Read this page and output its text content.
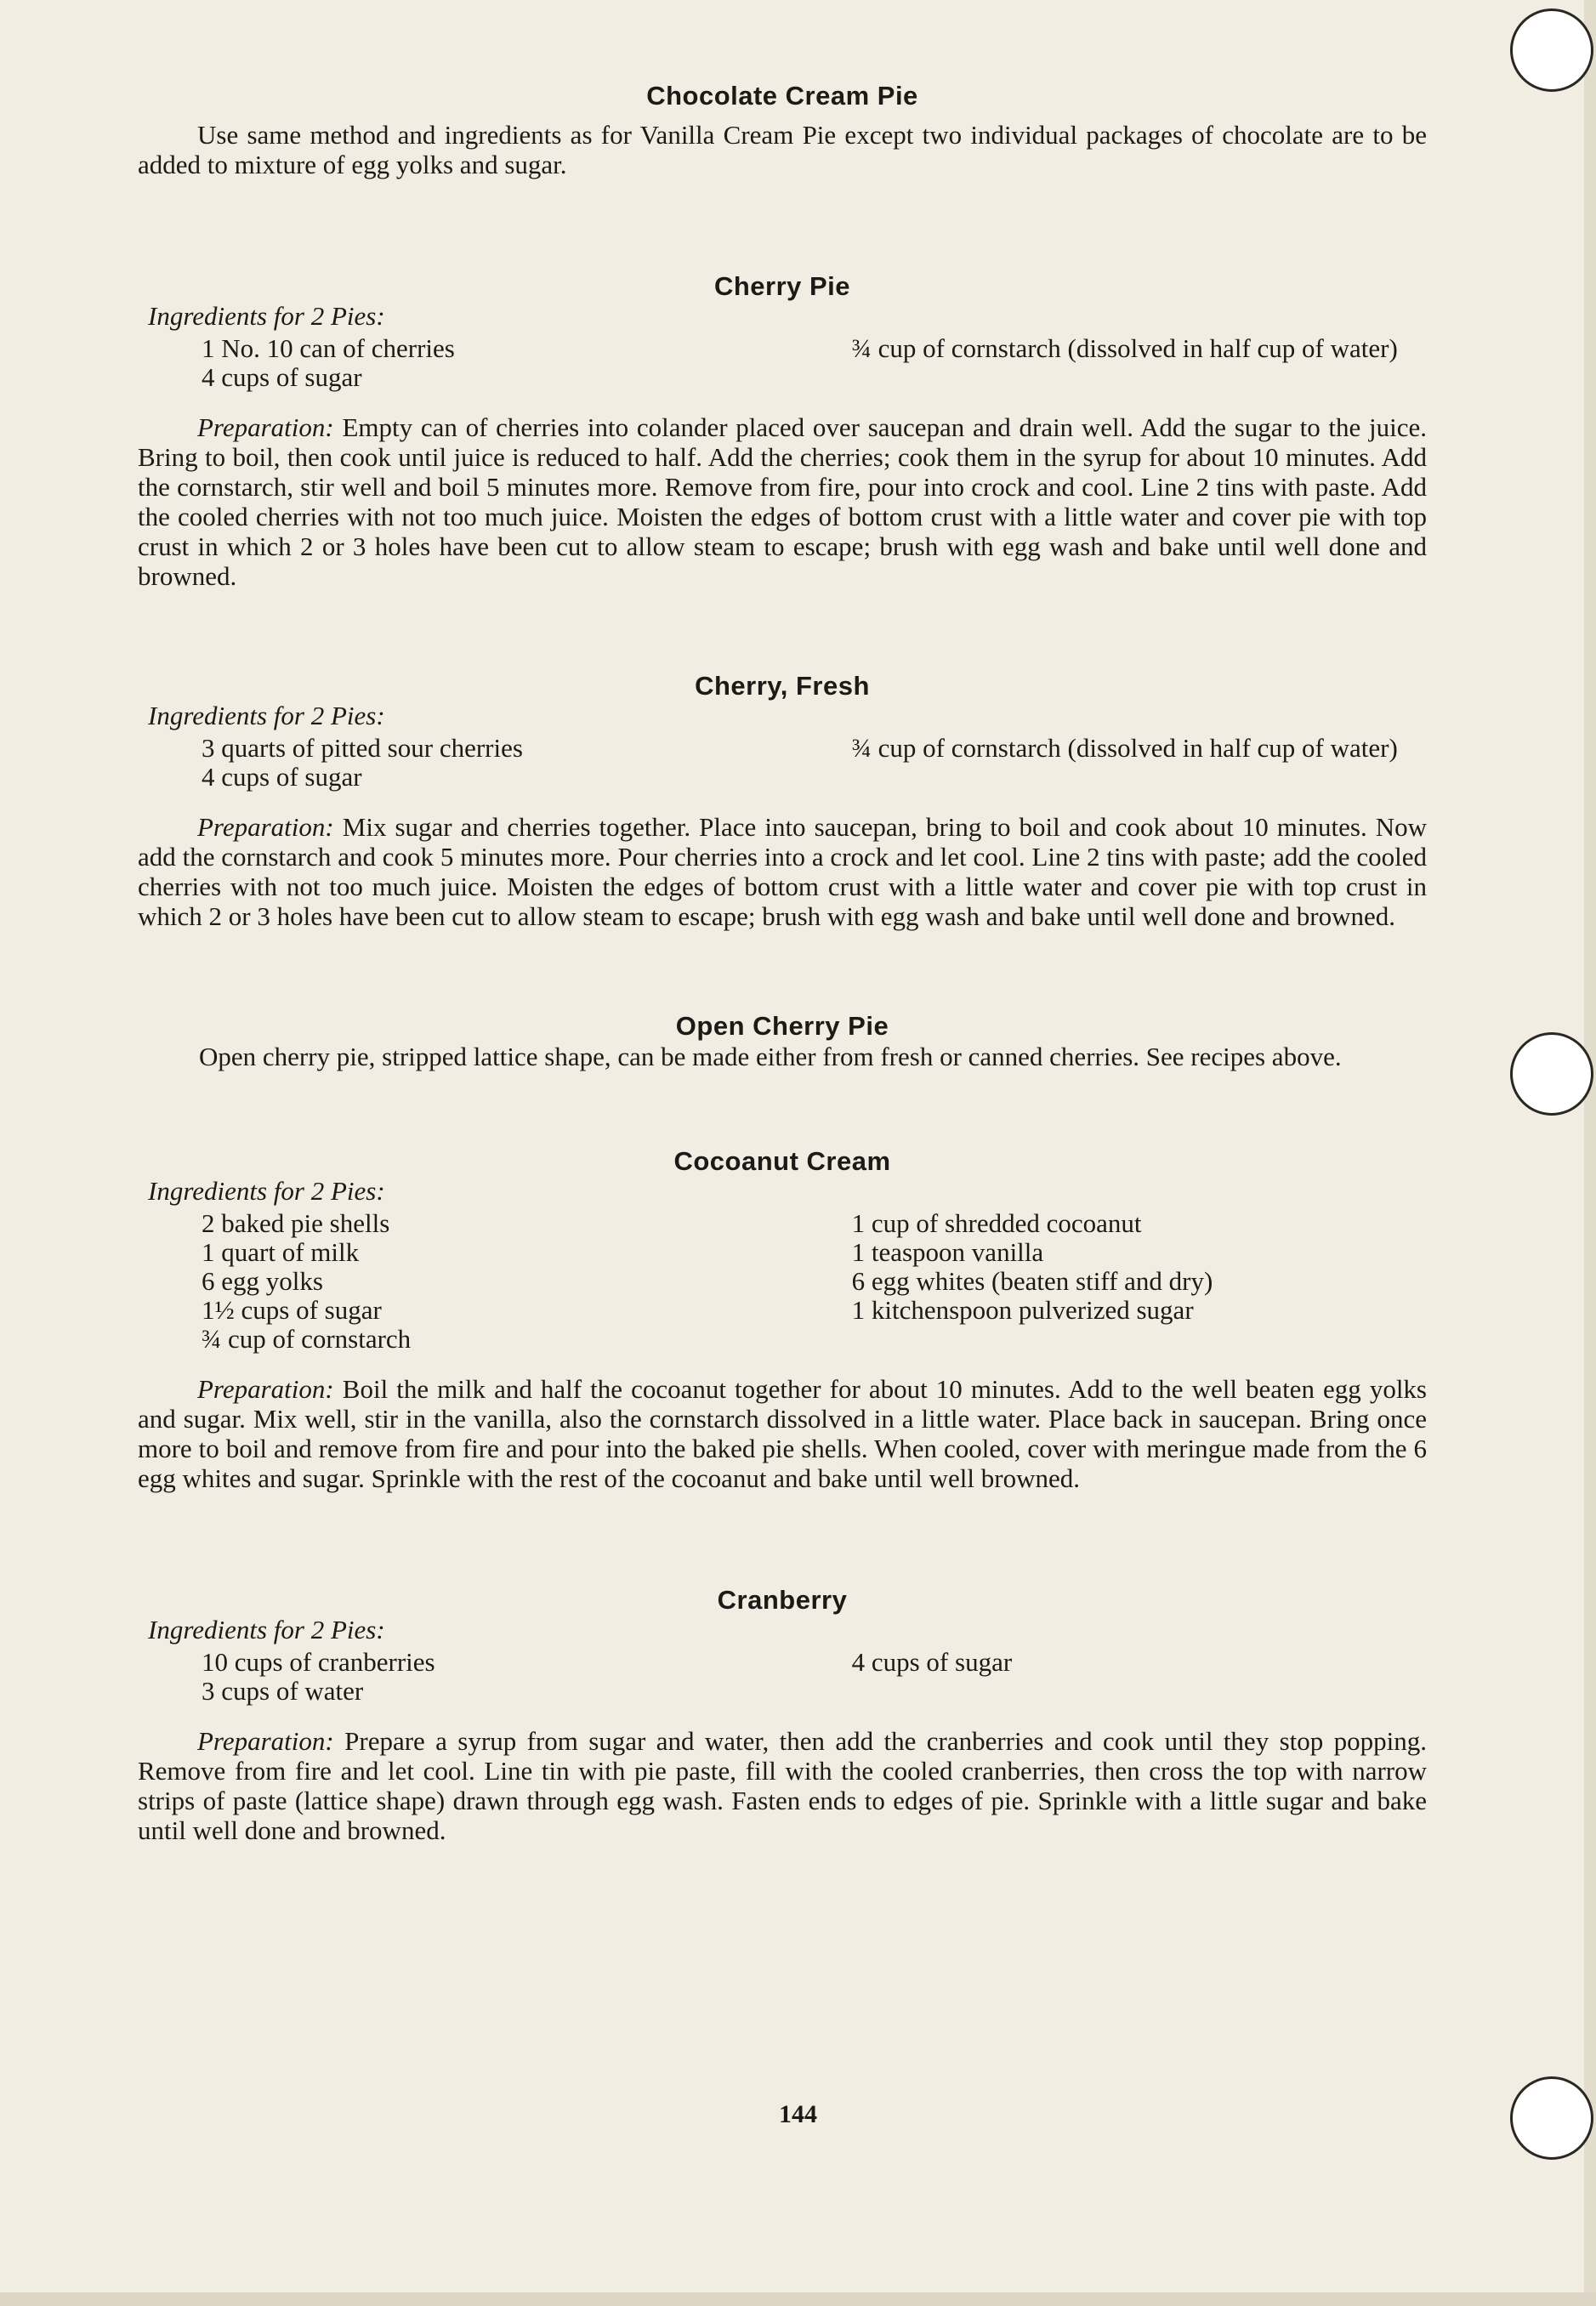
Chocolate Cream Pie

Use same method and ingredients as for Vanilla Cream Pie except two individual packages of chocolate are to be added to mixture of egg yolks and sugar.

Cherry Pie
Ingredients for 2 Pies:

1 No. 10 can of cherries

4 cups of sugar

¾ cup of cornstarch (dissolved in half cup of water)

Preparation: Empty can of cherries into colander placed over saucepan and drain well. Add the sugar to the juice. Bring to boil, then cook until juice is reduced to half. Add the cherries; cook them in the syrup for about 10 minutes. Add the cornstarch, stir well and boil 5 minutes more. Remove from fire, pour into crock and cool. Line 2 tins with paste. Add the cooled cherries with not too much juice. Moisten the edges of bottom crust with a little water and cover pie with top crust in which 2 or 3 holes have been cut to allow steam to escape; brush with egg wash and bake until well done and browned.

Cherry, Fresh
Ingredients for 2 Pies:

3 quarts of pitted sour cherries

4 cups of sugar

¾ cup of cornstarch (dissolved in half cup of water)

Preparation: Mix sugar and cherries together. Place into saucepan, bring to boil and cook about 10 minutes. Now add the cornstarch and cook 5 minutes more. Pour cherries into a crock and let cool. Line 2 tins with paste; add the cooled cherries with not too much juice. Moisten the edges of bottom crust with a little water and cover pie with top crust in which 2 or 3 holes have been cut to allow steam to escape; brush with egg wash and bake until well done and browned.

Open Cherry Pie

Open cherry pie, stripped lattice shape, can be made either from fresh or canned cherries. See recipes above.

Cocoanut Cream
Ingredients for 2 Pies:

2 baked pie shells

1 quart of milk

6 egg yolks

1½ cups of sugar

¾ cup of cornstarch

1 cup of shredded cocoanut

1 teaspoon vanilla

6 egg whites (beaten stiff and dry)

1 kitchenspoon pulverized sugar

Preparation: Boil the milk and half the cocoanut together for about 10 minutes. Add to the well beaten egg yolks and sugar. Mix well, stir in the vanilla, also the cornstarch dissolved in a little water. Place back in saucepan. Bring once more to boil and remove from fire and pour into the baked pie shells. When cooled, cover with meringue made from the 6 egg whites and sugar. Sprinkle with the rest of the cocoanut and bake until well browned.

Cranberry
Ingredients for 2 Pies:

10 cups of cranberries

3 cups of water

4 cups of sugar

Preparation: Prepare a syrup from sugar and water, then add the cranberries and cook until they stop popping. Remove from fire and let cool. Line tin with pie paste, fill with the cooled cranberries, then cross the top with narrow strips of paste (lattice shape) drawn through egg wash. Fasten ends to edges of pie. Sprinkle with a little sugar and bake until well done and browned.

144
